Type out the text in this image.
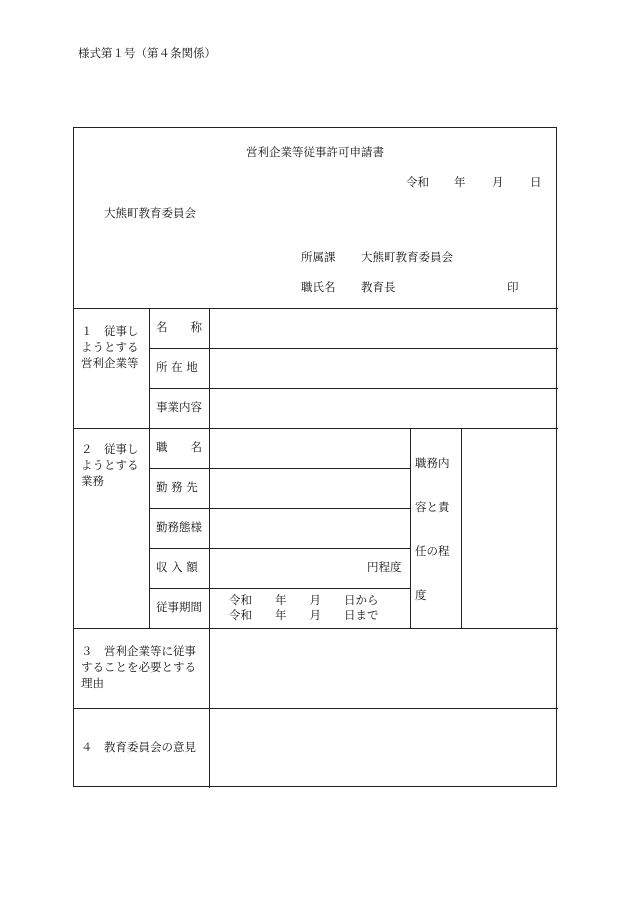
様式第１号（第４条関係）
営利企業等従事許可申請書
令和 年 月 日
大熊町教育委員会
所属課 大熊町教育委員会
職氏名 教育長	印
１　従事し
ようとする
営利企業等
名　　称
所 在 地
事業内容
２　従事し
ようとする
業務
職　　名
勤 務 先
勤務態様
収 入 額
従事期間
円程度
令和　　年　　月　　日から
令和　　年　　月　　日まで
職務内
容と責
任の程
度
３　営利企業等に従事
することを必要とする
理由
４　教育委員会の意見
